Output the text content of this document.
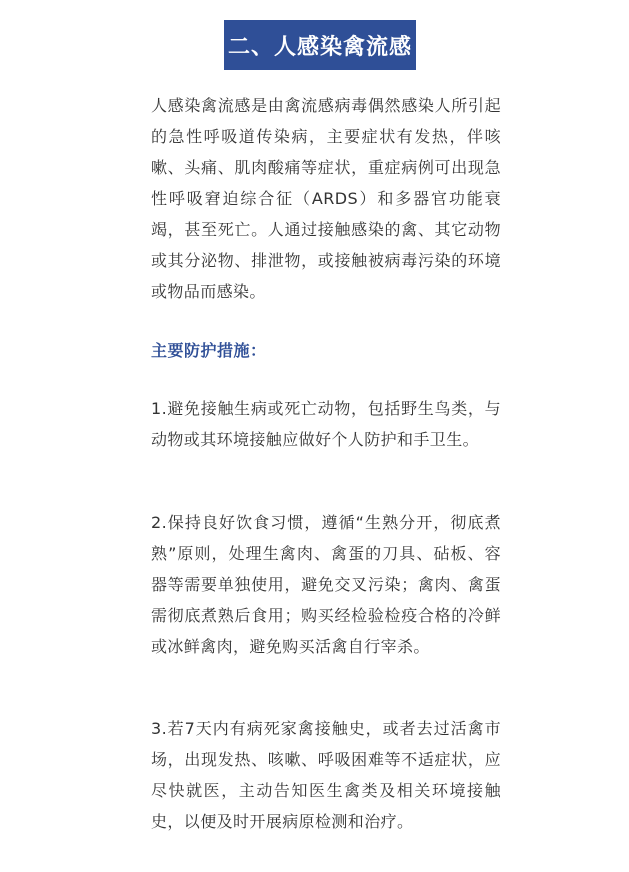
二、人感染禽流感
人感染禽流感是由禽流感病毒偶然感染人所引起的急性呼吸道传染病，主要症状有发热，伴咳嗽、头痛、肌肉酸痛等症状，重症病例可出现急性呼吸窘迫综合征（ARDS）和多器官功能衰竭，甚至死亡。人通过接触感染的禽、其它动物或其分泌物、排泄物，或接触被病毒污染的环境或物品而感染。
主要防护措施：
1.避免接触生病或死亡动物，包括野生鸟类，与动物或其环境接触应做好个人防护和手卫生。
2.保持良好饮食习惯，遵循“生熟分开，彻底煮熟”原则，处理生禽肉、禽蛋的刀具、砧板、容器等需要单独使用，避免交叉污染；禽肉、禽蛋需彻底煮熟后食用；购买经检验检疫合格的冷鲜或冰鲜禽肉，避免购买活禽自行宰杀。
3.若7天内有病死家禽接触史，或者去过活禽市场，出现发热、咳嗽、呼吸困难等不适症状，应尽快就医，主动告知医生禽类及相关环境接触史，以便及时开展病原检测和治疗。
